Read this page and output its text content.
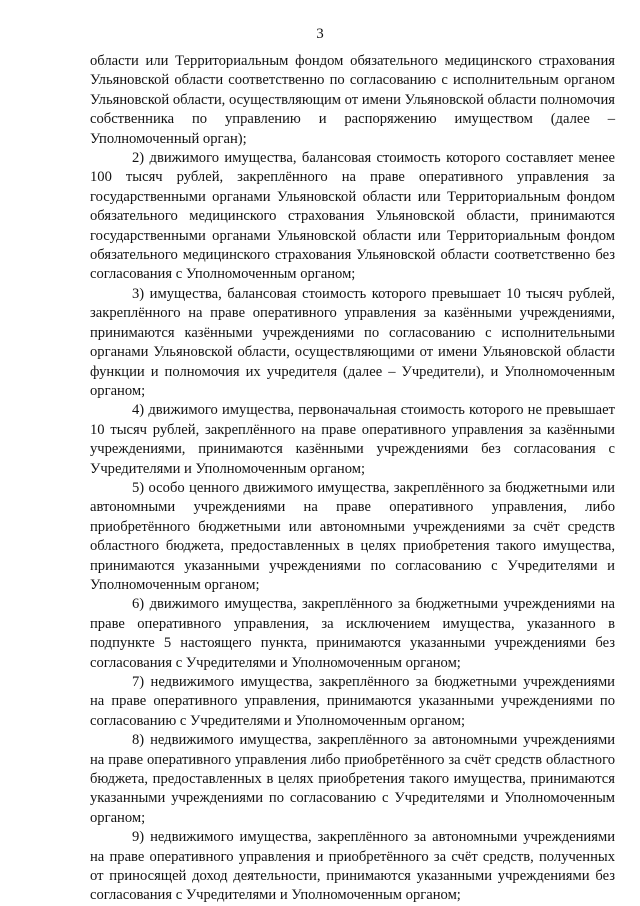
3

области или Территориальным фондом обязательного медицинского страхования Ульяновской области соответственно по согласованию с исполнительным органом Ульяновской области, осуществляющим от имени Ульяновской области полномочия собственника по управлению и распоряжению имуществом (далее – Уполномоченный орган);

2) движимого имущества, балансовая стоимость которого составляет менее 100 тысяч рублей, закреплённого на праве оперативного управления за государственными органами Ульяновской области или Территориальным фондом обязательного медицинского страхования Ульяновской области, принимаются государственными органами Ульяновской области или Территориальным фондом обязательного медицинского страхования Ульяновской области соответственно без согласования с Уполномоченным органом;

3) имущества, балансовая стоимость которого превышает 10 тысяч рублей, закреплённого на праве оперативного управления за казёнными учреждениями, принимаются казёнными учреждениями по согласованию с исполнительными органами Ульяновской области, осуществляющими от имени Ульяновской области функции и полномочия их учредителя (далее – Учредители), и Уполномоченным органом;

4) движимого имущества, первоначальная стоимость которого не превышает 10 тысяч рублей, закреплённого на праве оперативного управления за казёнными учреждениями, принимаются казёнными учреждениями без согласования с Учредителями и Уполномоченным органом;

5) особо ценного движимого имущества, закреплённого за бюджетными или автономными учреждениями на праве оперативного управления, либо приобретённого бюджетными или автономными учреждениями за счёт средств областного бюджета, предоставленных в целях приобретения такого имущества, принимаются указанными учреждениями по согласованию с Учредителями и Уполномоченным органом;

6) движимого имущества, закреплённого за бюджетными учреждениями на праве оперативного управления, за исключением имущества, указанного в подпункте 5 настоящего пункта, принимаются указанными учреждениями без согласования с Учредителями и Уполномоченным органом;

7) недвижимого имущества, закреплённого за бюджетными учреждениями на праве оперативного управления, принимаются указанными учреждениями по согласованию с Учредителями и Уполномоченным органом;

8) недвижимого имущества, закреплённого за автономными учреждениями на праве оперативного управления либо приобретённого за счёт средств областного бюджета, предоставленных в целях приобретения такого имущества, принимаются указанными учреждениями по согласованию с Учредителями и Уполномоченным органом;

9) недвижимого имущества, закреплённого за автономными учреждениями на праве оперативного управления и приобретённого за счёт средств, полученных от приносящей доход деятельности, принимаются указанными учреждениями без согласования с Учредителями и Уполномоченным органом;
